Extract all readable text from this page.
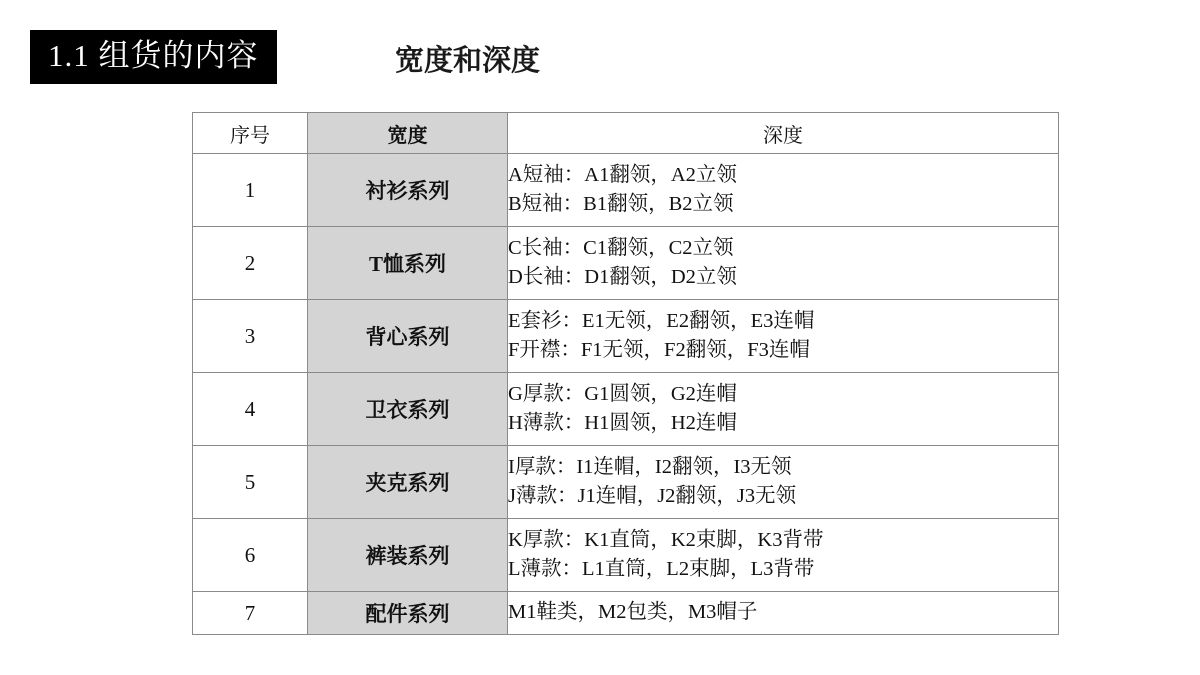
1.1 组货的内容	宽度和深度
序号	宽度	深度
1	衬衫系列	A短袖：A1翻领，A2立领
B短袖：B1翻领，B2立领

2	T恤系列	C长袖：C1翻领，C2立领
D长袖：D1翻领，D2立领

3	背心系列	E套衫：E1无领，E2翻领，E3连帽
F开襟：F1无领，F2翻领，F3连帽

4	卫衣系列	G厚款：G1圆领，G2连帽
H薄款：H1圆领，H2连帽

5	夹克系列	I厚款：I1连帽，I2翻领，I3无领
J薄款：J1连帽，J2翻领，J3无领

6	裤装系列	K厚款：K1直筒，K2束脚，K3背带
L薄款：L1直筒，L2束脚，L3背带

7	配件系列	M1鞋类，M2包类，M3帽子
